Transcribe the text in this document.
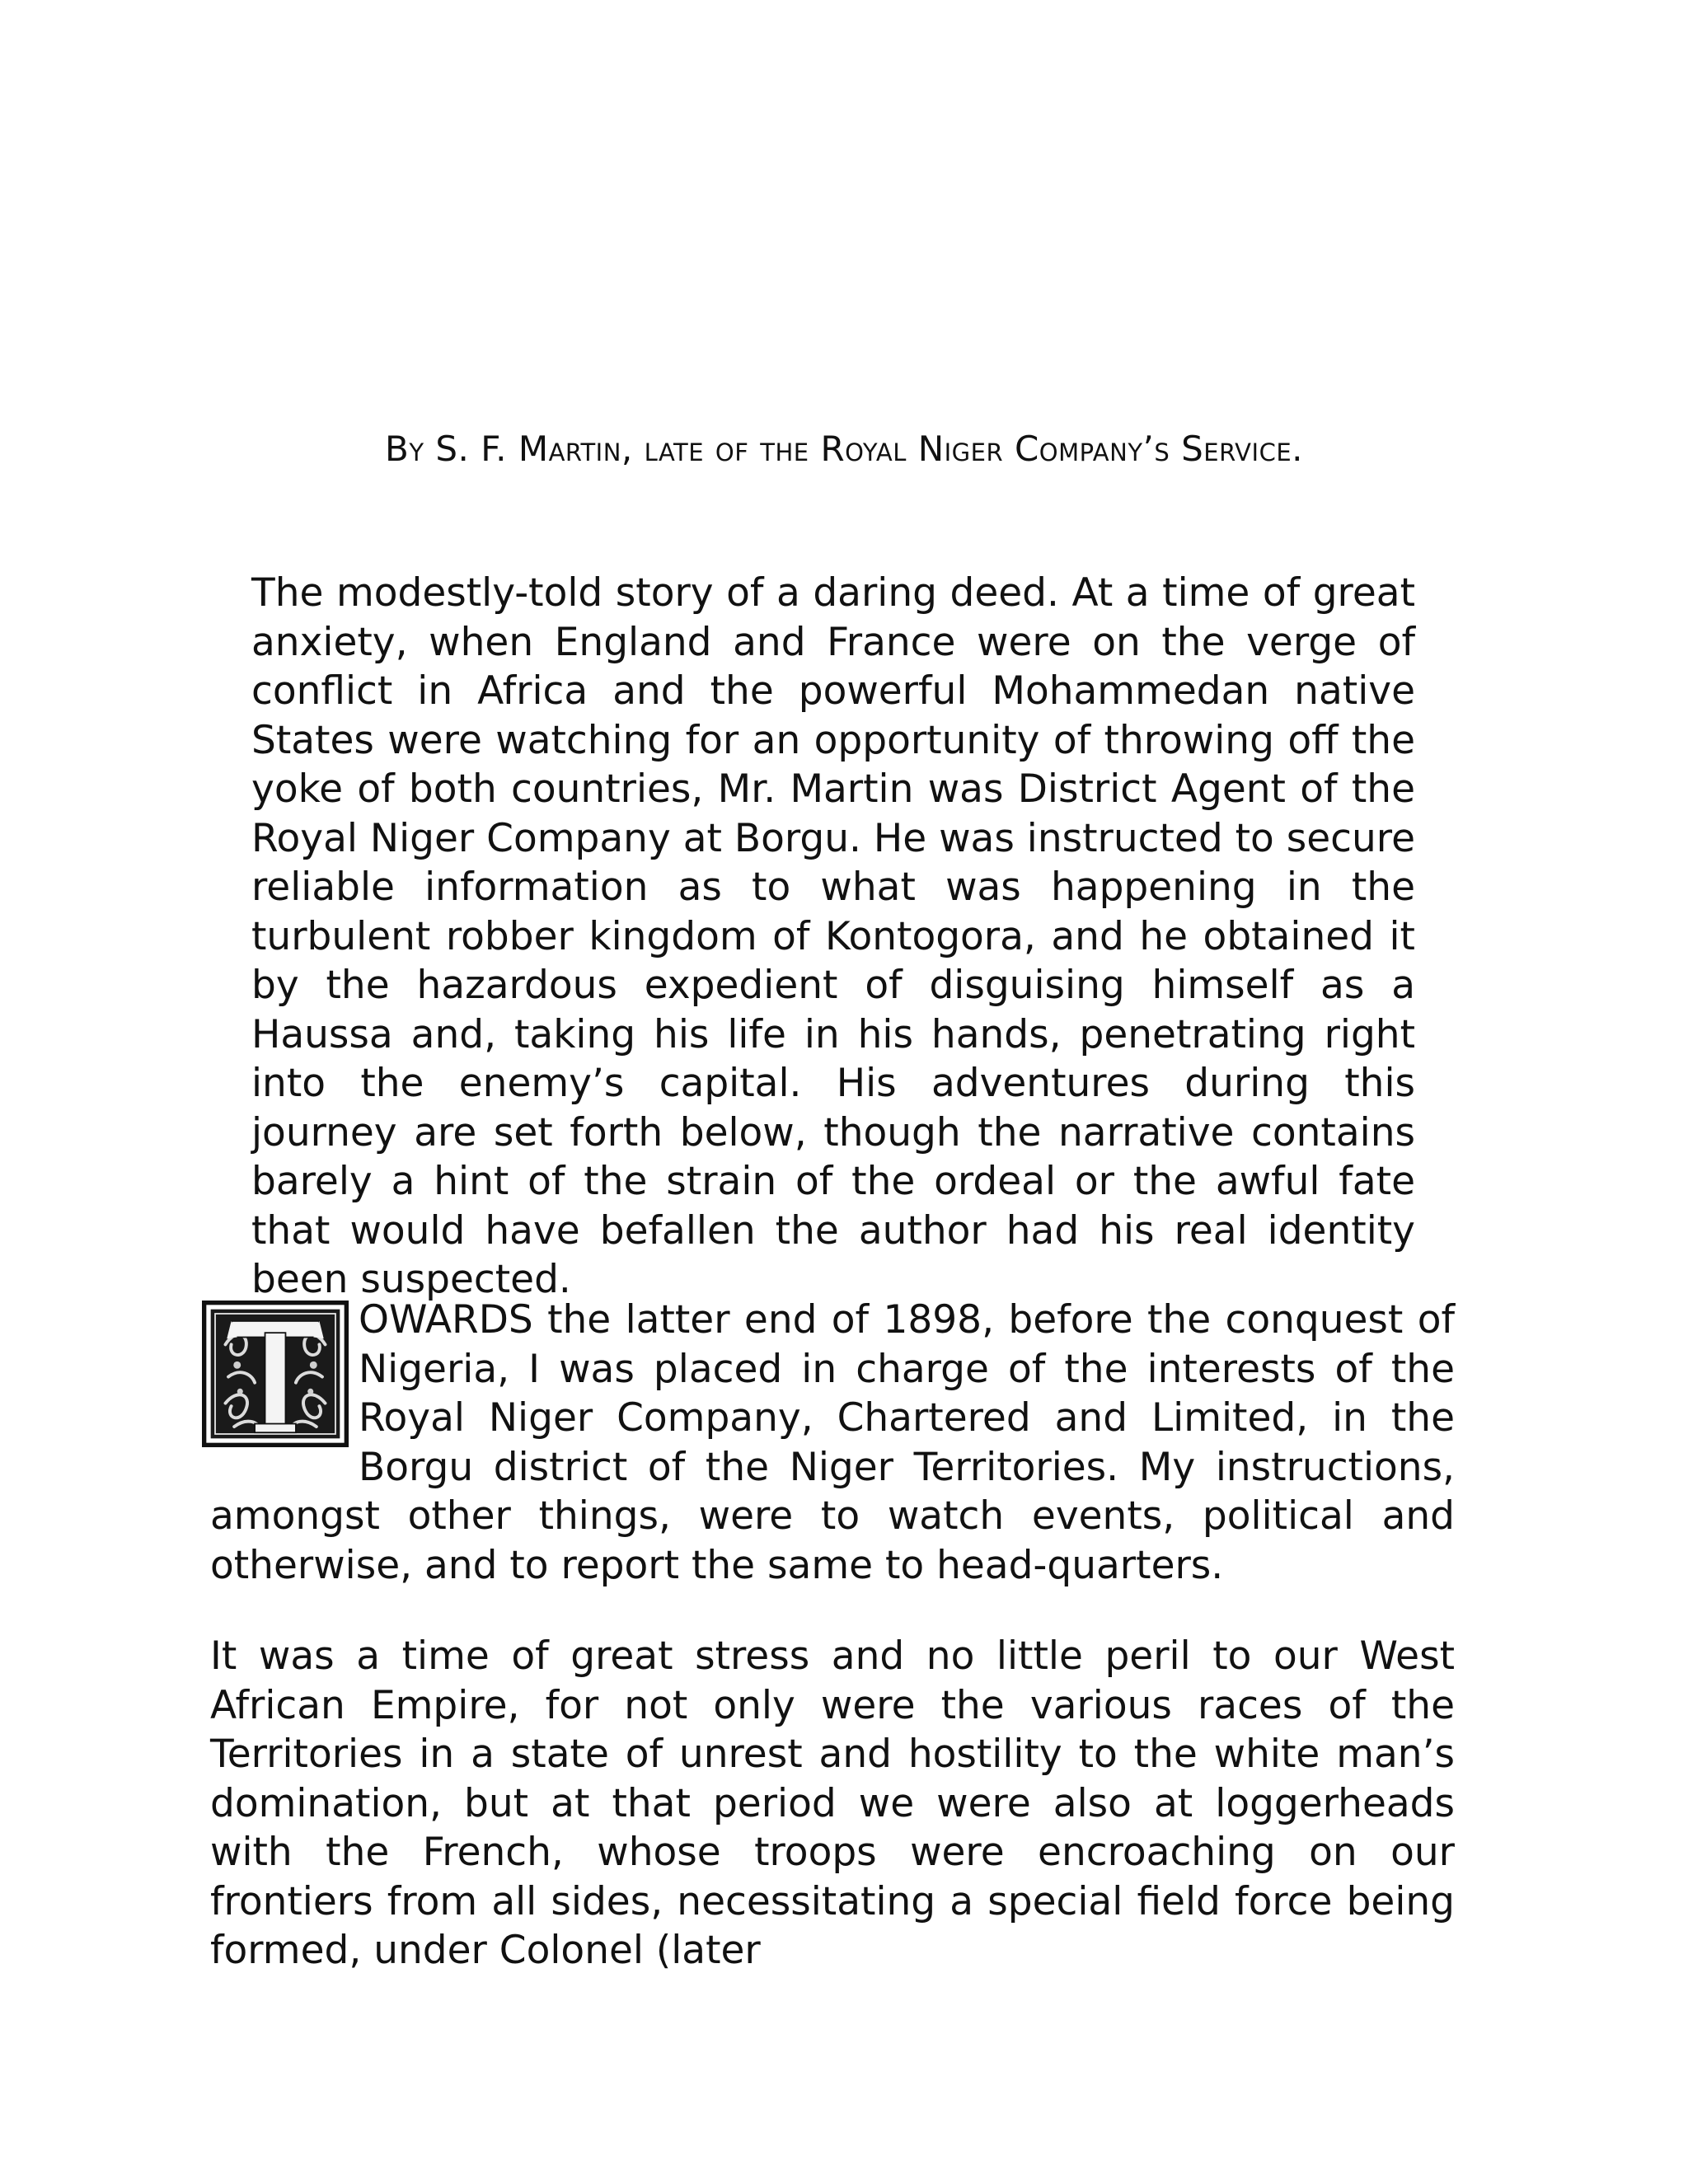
By S. F. Martin, late of the Royal Niger Company’s Service.

The modestly-told story of a daring deed. At a time of great anxiety, when England and France were on the verge of conflict in Africa and the powerful Mohammedan native States were watching for an opportunity of throwing off the yoke of both countries, Mr. Martin was District Agent of the Royal Niger Company at Borgu. He was instructed to secure reliable information as to what was happening in the turbulent robber kingdom of Kontogora, and he obtained it by the hazardous expedient of disguising himself as a Haussa and, taking his life in his hands, penetrating right into the enemy’s capital. His adventures during this journey are set forth below, though the narrative contains barely a hint of the strain of the ordeal or the awful fate that would have befallen the author had his real identity been suspected.

OWARDS the latter end of 1898, before the conquest of Nigeria, I was placed in charge of the interests of the Royal Niger Company, Chartered and Limited, in the Borgu district of the Niger Territories. My instructions, amongst other things, were to watch events, political and otherwise, and to report the same to head-quarters.

It was a time of great stress and no little peril to our West African Empire, for not only were the various races of the Territories in a state of unrest and hostility to the white man’s domination, but at that period we were also at loggerheads with the French, whose troops were encroaching on our frontiers from all sides, necessitating a special field force being formed, under Colonel (later
